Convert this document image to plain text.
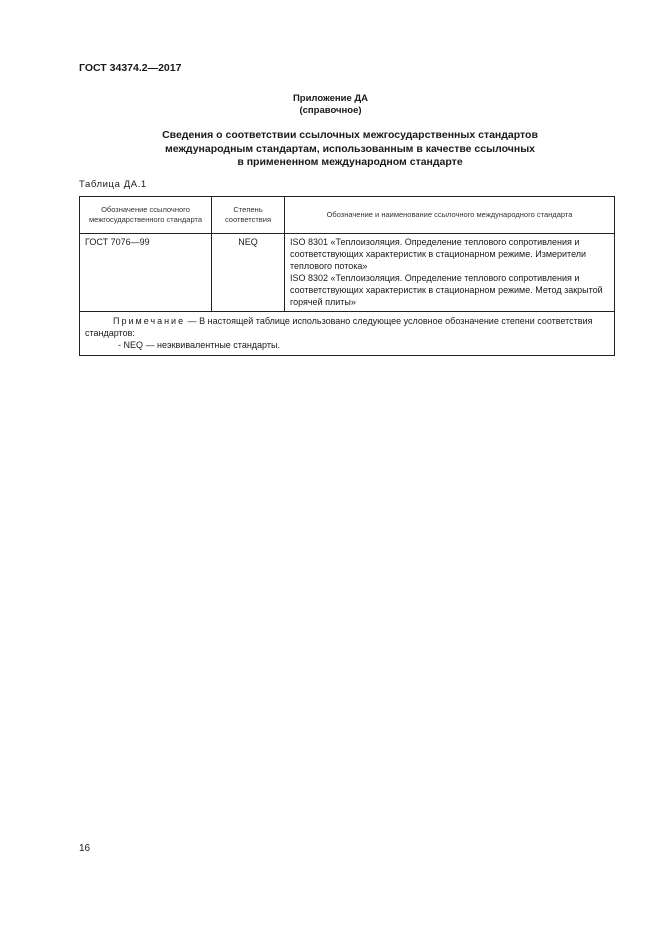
ГОСТ 34374.2—2017
Приложение ДА
(справочное)
Сведения о соответствии ссылочных межгосударственных стандартов
международным стандартам, использованным в качестве ссылочных
в примененном международном стандарте
Таблица ДА.1
Обозначение ссылочного межгосударственного стандарта	Степень соответствия	Обозначение и наименование ссылочного международного стандарта
ГОСТ 7076—99	NEQ	ISO 8301 «Теплоизоляция. Определение теплового сопротивления и соответствующих характеристик в стационарном режиме. Измерители теплового потока»
ISO 8302 «Теплоизоляция. Определение теплового сопротивления и соответствующих характеристик в стационарном режиме. Метод закрытой горячей плиты»

Примечание — В настоящей таблице использовано следующее условное обозначение степени соответствия стандартов:
- NEQ — неэквивалентные стандарты.		
16
